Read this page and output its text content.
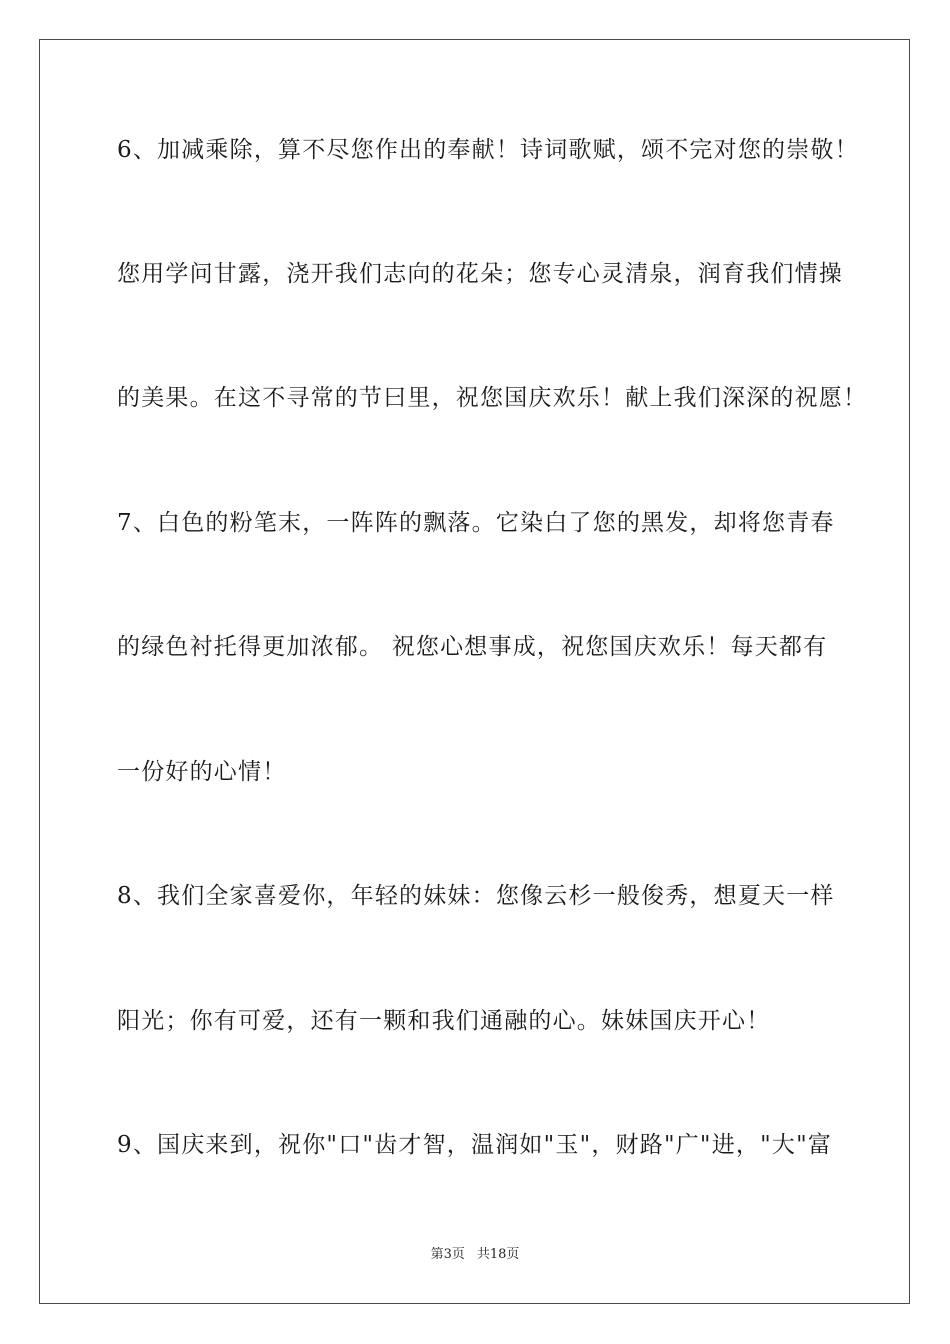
6、加减乘除，算不尽您作出的奉献！诗词歌赋，颂不完对您的崇敬！
您用学问甘露，浇开我们志向的花朵；您专心灵清泉，润育我们情操
的美果。在这不寻常的节曰里，祝您国庆欢乐！献上我们深深的祝愿！
7、白色的粉笔末，一阵阵的飘落。它染白了您的黑发，却将您青春
的绿色衬托得更加浓郁。 祝您心想事成，祝您国庆欢乐！每天都有
一份好的心情！
8、我们全家喜爱你，年轻的妹妹：您像云杉一般俊秀，想夏天一样
阳光；你有可爱，还有一颗和我们通融的心。妹妹国庆开心！
9、国庆来到，祝你"口"齿才智，温润如"玉"，财路"广"进，"大"富
第3页 共18页
